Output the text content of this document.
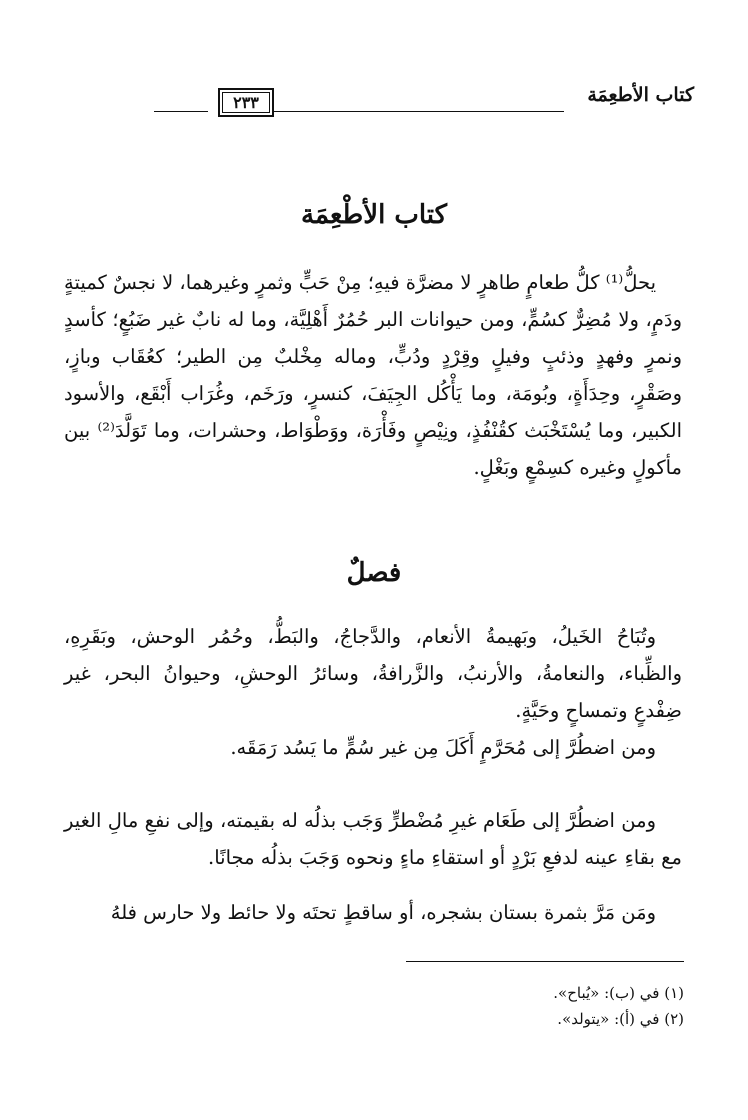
كتاب الأطعِمَة
٢٣٣
كتاب الأطْعِمَة
يحلُّ⁽¹⁾ كلُّ طعامٍ طاهرٍ لا مضرَّة فيهِ؛ مِنْ حَبٍّ وثمرٍ وغيرهما، لا نجسٌ كميتةٍ ودَمٍ، ولا مُضِرٌّ كسُمٍّ، ومن حيوانات البر حُمُرٌ أَهْلِيَّة، وما له نابٌ غير ضَبُعٍ؛ كأسدٍ ونمرٍ وفهدٍ وذئبٍ وفيلٍ وقِرْدٍ ودُبٍّ، وماله مِخْلبٌ مِن الطير؛ كعُقَاب وبازٍ، وصَقْرٍ، وحِدَأَةٍ، وبُومَة، وما يَأْكُل الجِيَفَ، كنسرٍ، ورَخَم، وغُرَاب أَبْقَع، والأسود الكبير، وما يُسْتَخْبَث كقُنْفُذٍ، ونِيْصٍ وفَأْرَة، ووَطْوَاط، وحشرات، وما تَوَلَّدَ⁽²⁾ بين مأكولٍ وغيره كسِمْعٍ وبَغْلٍ.
فصلٌ
وتُبَاحُ الخَيلُ، وبَهيمةُ الأنعام، والدَّجاجُ، والبَطُّ، وحُمُر الوحش، وبَقَرِهِ، والظِّباء، والنعامةُ، والأرنبُ، والزَّرافةُ، وسائرُ الوحشِ، وحيوانُ البحر، غير ضِفْدعٍ وتمساحٍ وحَيَّةٍ.
ومن اضطُرَّ إلى مُحَرَّمٍ أَكَلَ مِن غير سُمٍّ ما يَسُد رَمَقَه.
ومن اضطُرَّ إلى طَعَام غيرِ مُضْطرٍّ وَجَب بذلُه له بقيمته، وإلى نفعِ مالِ الغير مع بقاءِ عينه لدفعِ بَرْدٍ أو استقاءِ ماءٍ ونحوه وَجَبَ بذلُه مجانًا.
ومَن مَرَّ بثمرة بستان بشجره، أو ساقطٍ تحتَه ولا حائط ولا حارس فلهُ
(١) في (ب): «يُباح».
(٢) في (أ): «يتولد».
